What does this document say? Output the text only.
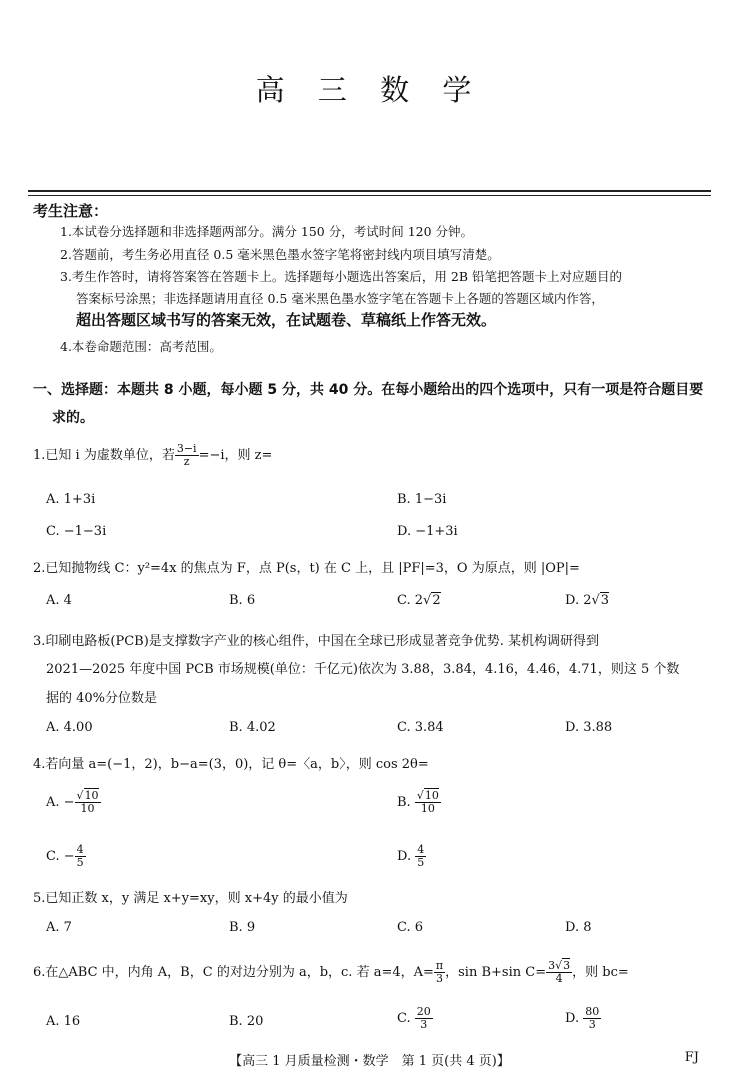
高 三 数 学
考生注意：
1.本试卷分选择题和非选择题两部分。满分 150 分，考试时间 120 分钟。
2.答题前，考生务必用直径 0.5 毫米黑色墨水签字笔将密封线内项目填写清楚。
3.考生作答时，请将答案答在答题卡上。选择题每小题选出答案后，用 2B 铅笔把答题卡上对应题目的
答案标号涂黑；非选择题请用直径 0.5 毫米黑色墨水签字笔在答题卡上各题的答题区域内作答，
超出答题区域书写的答案无效，在试题卷、草稿纸上作答无效。
4.本卷命题范围：高考范围。
一、选择题：本题共 8 小题，每小题 5 分，共 40 分。在每小题给出的四个选项中，只有一项是符合题目要
求的。
1.已知 i 为虚数单位，若 $\frac{3-i}{z} =-i$，则 z=
A. 1+3i	B. 1−3i
C. −1−3i	D. −1+3i
2.已知抛物线 C：y²=4x 的焦点为 F，点 P(s，t) 在 C 上，且 |PF|=3，O 为原点，则 |OP|=
A. 4	B. 6	C. 2√2	D. 2√3
3.印刷电路板(PCB)是支撑数字产业的核心组件，中国在全球已形成显著竞争优势. 某机构调研得到
2021—2025 年度中国 PCB 市场规模(单位：千亿元)依次为 3.88，3.84，4.16，4.46，4.71，则这 5 个数
据的 40%分位数是
A. 4.00	B. 4.02	C. 3.84	D. 3.88
4.若向量 a=(−1，2)，b−a=(3，0)，记 θ=〈a，b〉，则 cos 2θ=
A. − $\frac{√10}{10}$	B. $\frac{√10}{10}$
C. − $\frac{4}{5}$	D. $\frac{4}{5}$
5.已知正数 x，y 满足 x+y=xy，则 x+4y 的最小值为
A. 7	B. 9	C. 6	D. 8
6.在△ABC 中，内角 A，B，C 的对边分别为 a，b，c. 若 a=4，$A= \frac{\pi}{3}$ ，sin B+sin $C= \frac{3√3}{4}$ ，则 bc=
A. 16	B. 20	C. $\frac{20}{3}$	D. $\frac{80}{3}$
【高三 1 月质量检测・数学　第 1 页(共 4 页)】	FJ
